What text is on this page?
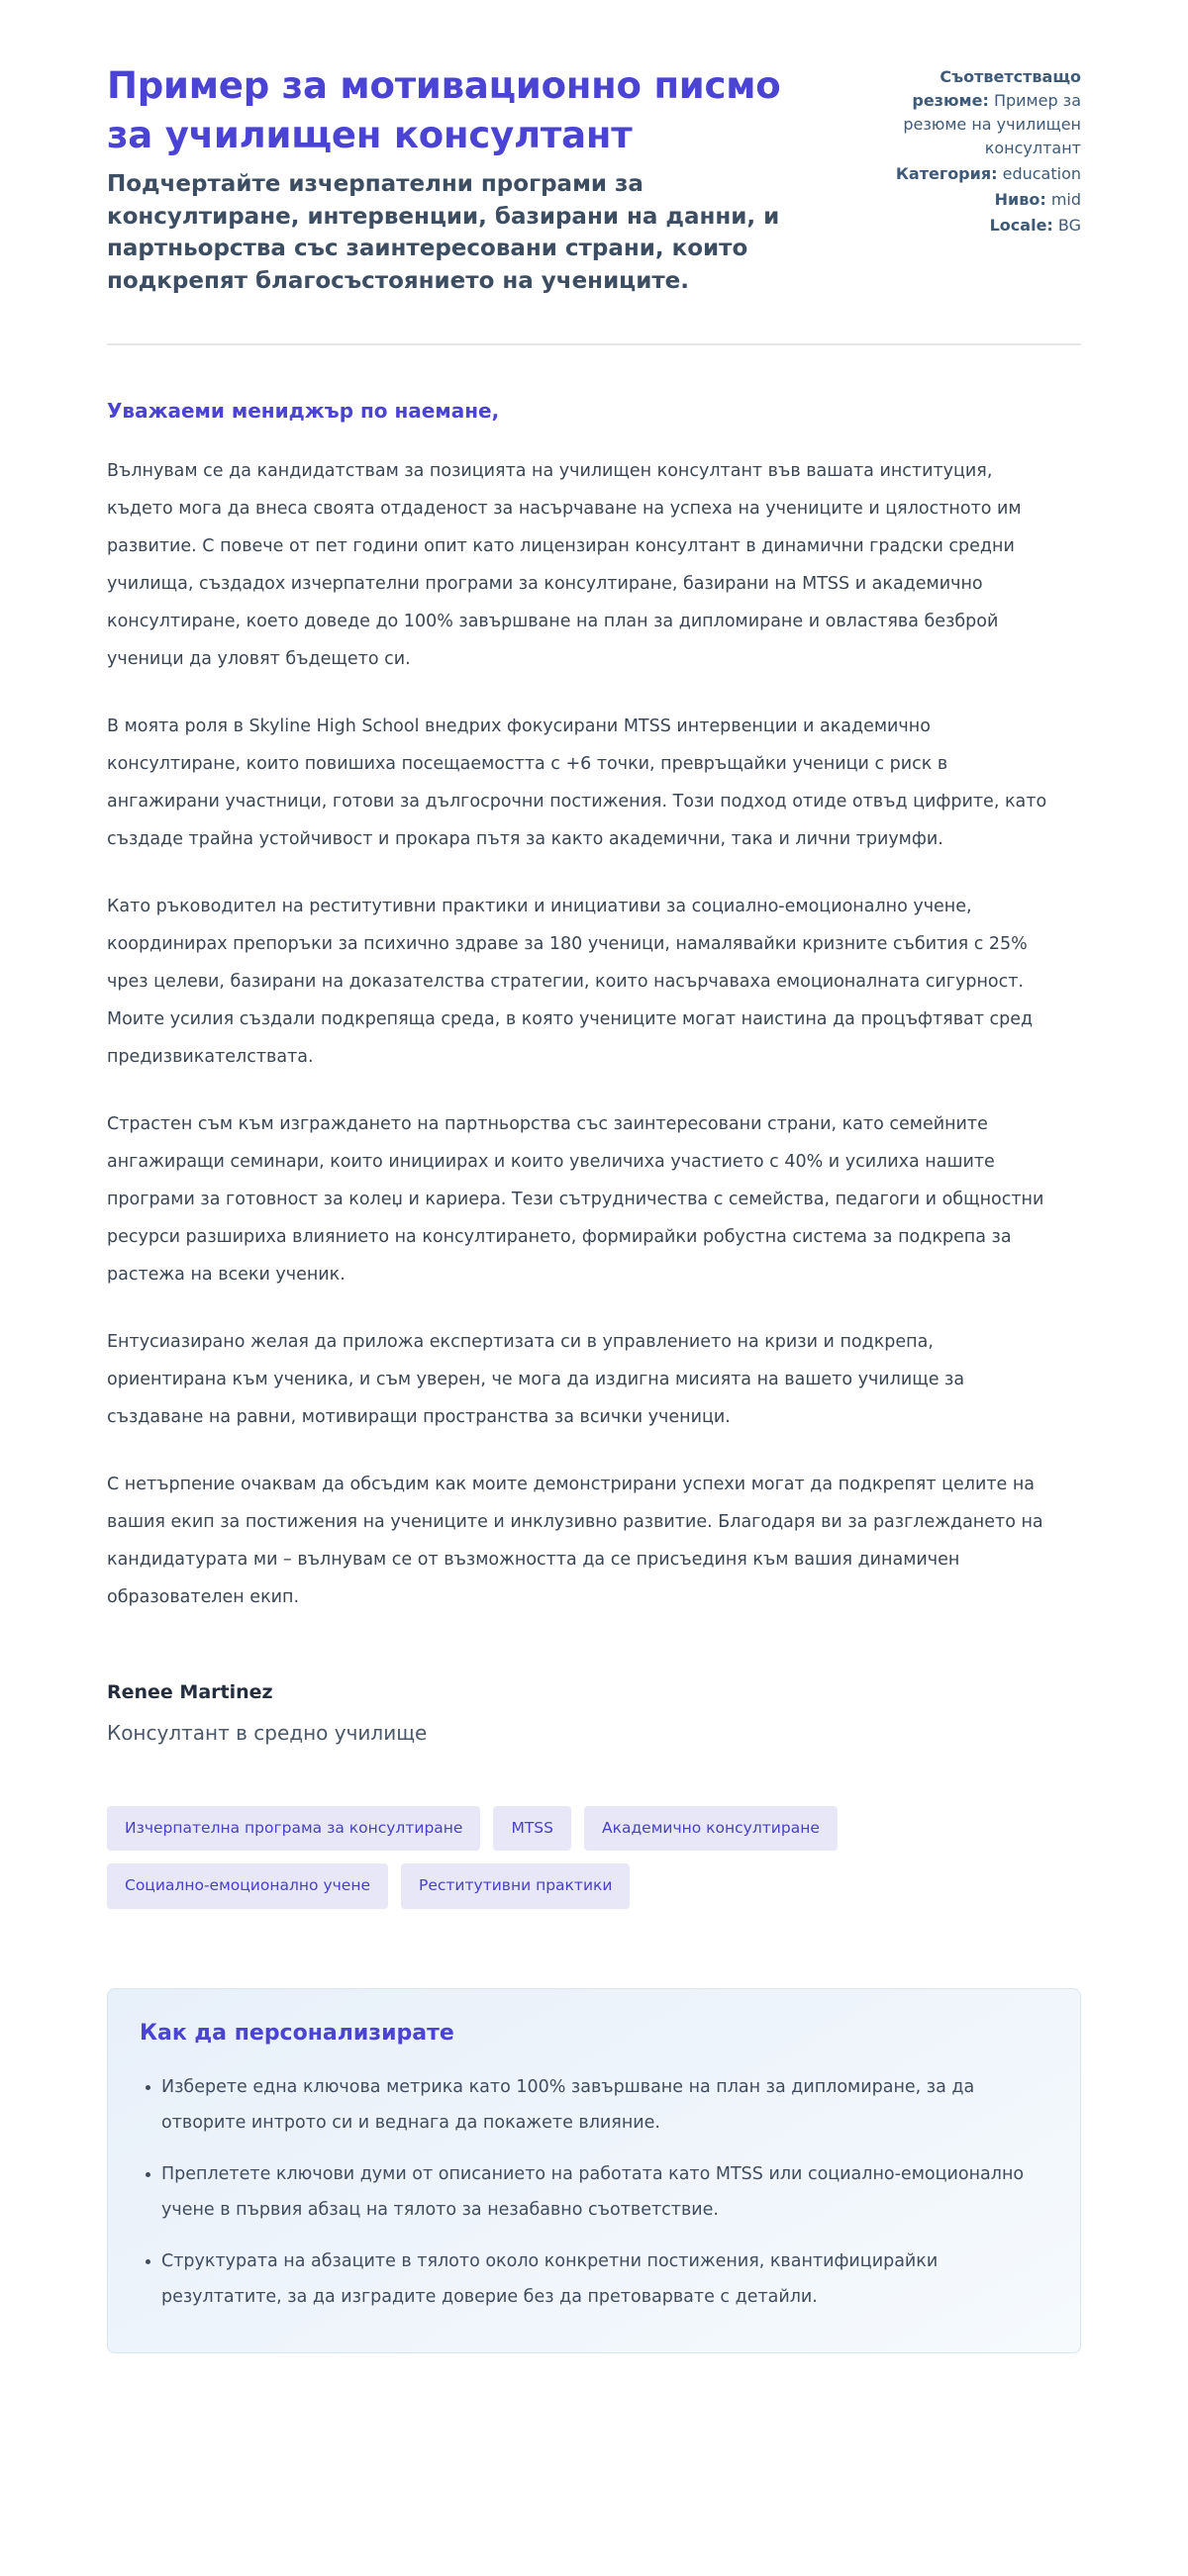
Пример за мотивационно писмо за училищен консултант
Подчертайте изчерпателни програми за консултиране, интервенции, базирани на данни, и партньорства със заинтересовани страни, които подкрепят благосъстоянието на учениците.
Съответстващо резюме: Пример за резюме на училищен консултант
Категория: education
Ниво: mid
Locale: BG

Уважаеми мениджър по наемане,

Вълнувам се да кандидатствам за позицията на училищен консултант във вашата институция, където мога да внеса своята отдаденост за насърчаване на успеха на учениците и цялостното им развитие. С повече от пет години опит като лицензиран консултант в динамични градски средни училища, създадох изчерпателни програми за консултиране, базирани на MTSS и академично консултиране, което доведе до 100% завършване на план за дипломиране и овластява безброй ученици да уловят бъдещето си.

В моята роля в Skyline High School внедрих фокусирани MTSS интервенции и академично консултиране, които повишиха посещаемостта с +6 точки, превръщайки ученици с риск в ангажирани участници, готови за дългосрочни постижения. Този подход отиде отвъд цифрите, като създаде трайна устойчивост и прокара пътя за както академични, така и лични триумфи.

Като ръководител на реститутивни практики и инициативи за социално-емоционално учене, координирах препоръки за психично здраве за 180 ученици, намалявайки кризните събития с 25% чрез целеви, базирани на доказателства стратегии, които насърчаваха емоционалната сигурност. Моите усилия създали подкрепяща среда, в която учениците могат наистина да процъфтяват сред предизвикателствата.

Страстен съм към изграждането на партньорства със заинтересовани страни, като семейните ангажиращи семинари, които инициирах и които увеличиха участието с 40% и усилиха нашите програми за готовност за колеџ и кариера. Тези сътрудничества с семейства, педагоги и общностни ресурси разшириха влиянието на консултирането, формирайки робустна система за подкрепа за растежа на всеки ученик.

Ентусиазирано желая да приложа експертизата си в управлението на кризи и подкрепа, ориентирана към ученика, и съм уверен, че мога да издигна мисията на вашето училище за създаване на равни, мотивиращи пространства за всички ученици.

С нетърпение очаквам да обсъдим как моите демонстрирани успехи могат да подкрепят целите на вашия екип за постижения на учениците и инклузивно развитие. Благодаря ви за разглеждането на кандидатурата ми – вълнувам се от възможността да се присъединя към вашия динамичен образователен екип.

Renee Martinez

Консултант в средно училище

Изчерпателна програма за консултиране	MTSS	Академично консултиране
Социално-емоционално учене	Реститутивни практики
Как да персонализирате
• Изберете една ключова метрика като 100% завършване на план за дипломиране, за да отворите интрото си и веднага да покажете влияние.
• Преплетете ключови думи от описанието на работата като MTSS или социално-емоционално учене в първия абзац на тялото за незабавно съответствие.
• Структурата на абзаците в тялото около конкретни постижения, квантифицирайки резултатите, за да изградите доверие без да претоварвате с детайли.
